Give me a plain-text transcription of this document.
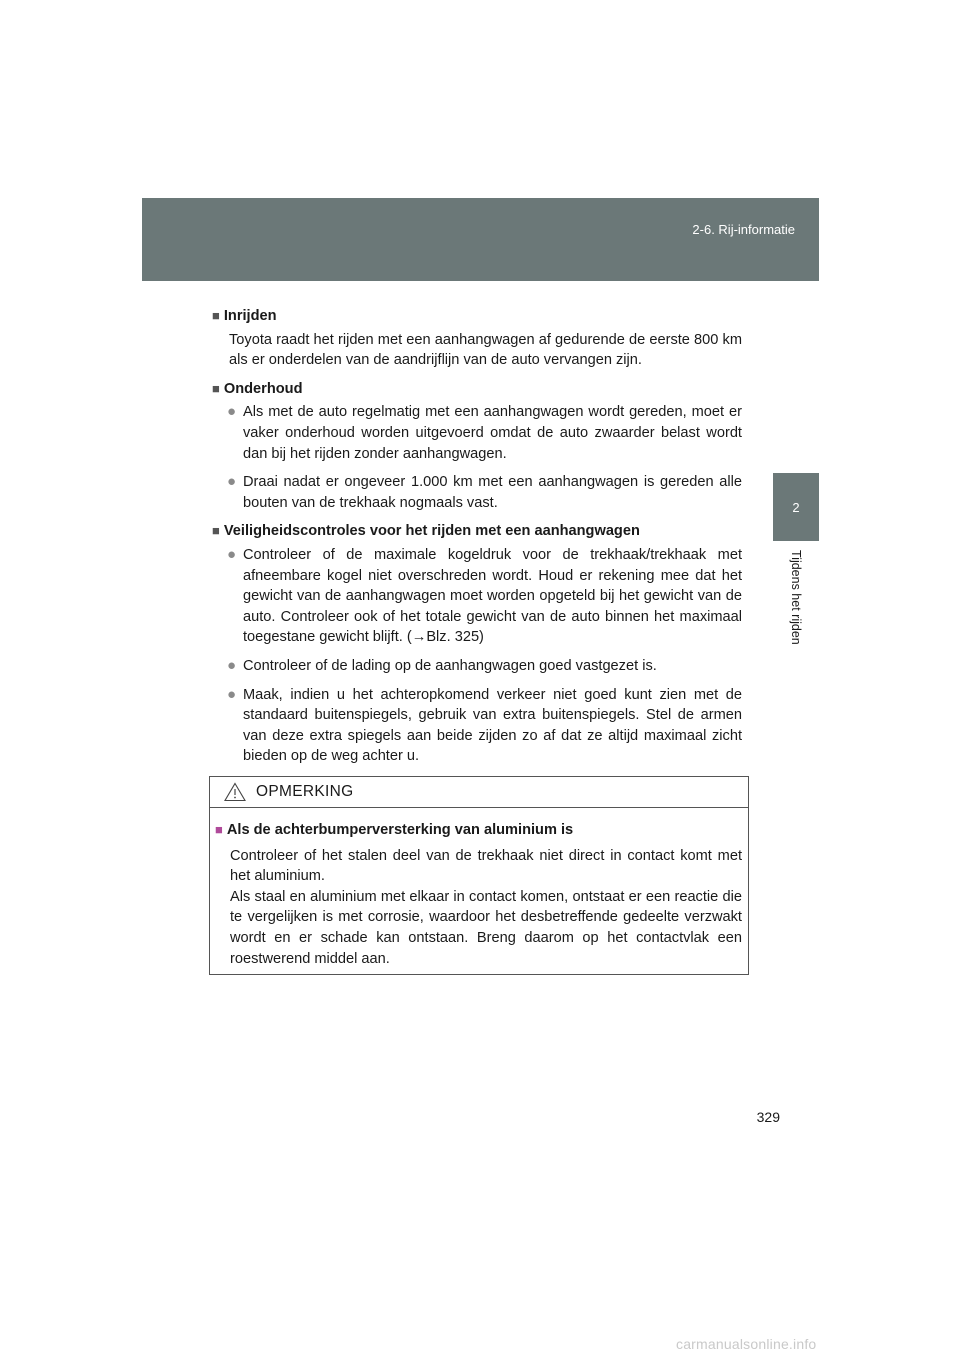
2-6. Rij-informatie
2
Tijdens het rijden
■ Inrijden
Toyota raadt het rijden met een aanhangwagen af gedurende de eerste 800 km als er onderdelen van de aandrijflijn van de auto vervangen zijn.
■ Onderhoud
● Als met de auto regelmatig met een aanhangwagen wordt gereden, moet er vaker onderhoud worden uitgevoerd omdat de auto zwaarder belast wordt dan bij het rijden zonder aanhangwagen.
● Draai nadat er ongeveer 1.000 km met een aanhangwagen is gereden alle bouten van de trekhaak nogmaals vast.
■ Veiligheidscontroles voor het rijden met een aanhangwagen
● Controleer of de maximale kogeldruk voor de trekhaak/trekhaak met afneembare kogel niet overschreden wordt. Houd er rekening mee dat het gewicht van de aanhangwagen moet worden opgeteld bij het gewicht van de auto. Controleer ook of het totale gewicht van de auto binnen het maximaal toegestane gewicht blijft. (→Blz. 325)
● Controleer of de lading op de aanhangwagen goed vastgezet is.
● Maak, indien u het achteropkomend verkeer niet goed kunt zien met de standaard buitenspiegels, gebruik van extra buitenspiegels. Stel de armen van deze extra spiegels aan beide zijden zo af dat ze altijd maximaal zicht bieden op de weg achter u.
OPMERKING
■ Als de achterbumperversterking van aluminium is
Controleer of het stalen deel van de trekhaak niet direct in contact komt met het aluminium.
Als staal en aluminium met elkaar in contact komen, ontstaat er een reactie die te vergelijken is met corrosie, waardoor het desbetreffende gedeelte verzwakt wordt en er schade kan ontstaan. Breng daarom op het contactvlak een roestwerend middel aan.
329
carmanualsonline.info
